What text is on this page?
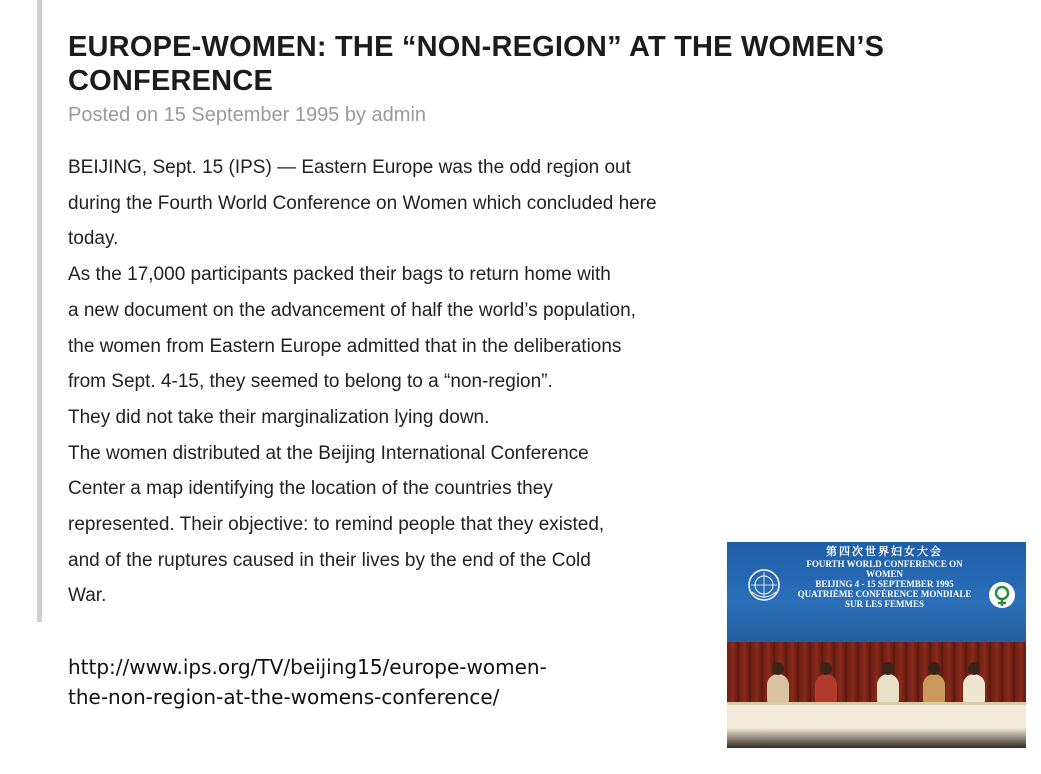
EUROPE-WOMEN: THE “NON-REGION” AT THE WOMEN’S
CONFERENCE
Posted on 15 September 1995 by admin
BEIJING, Sept. 15 (IPS) — Eastern Europe was the odd region out
during the Fourth World Conference on Women which concluded here
today.
As the 17,000 participants packed their bags to return home with
a new document on the advancement of half the world’s population,
the women from Eastern Europe admitted that in the deliberations
from Sept. 4-15, they seemed to belong to a “non-region”.
They did not take their marginalization lying down.
The women distributed at the Beijing International Conference
Center a map identifying the location of the countries they
represented. Their objective: to remind people that they existed,
and of the ruptures caused in their lives by the end of the Cold
War.
http://www.ips.org/TV/beijing15/europe-women-
the-non-region-at-the-womens-conference/
第四次世界妇女大会
FOURTH WORLD CONFERENCE ON
WOMEN
BEIJING 4 - 15 SEPTEMBER 1995
QUATRIÈME CONFÉRENCE MONDIALE
SUR LES FEMMES
